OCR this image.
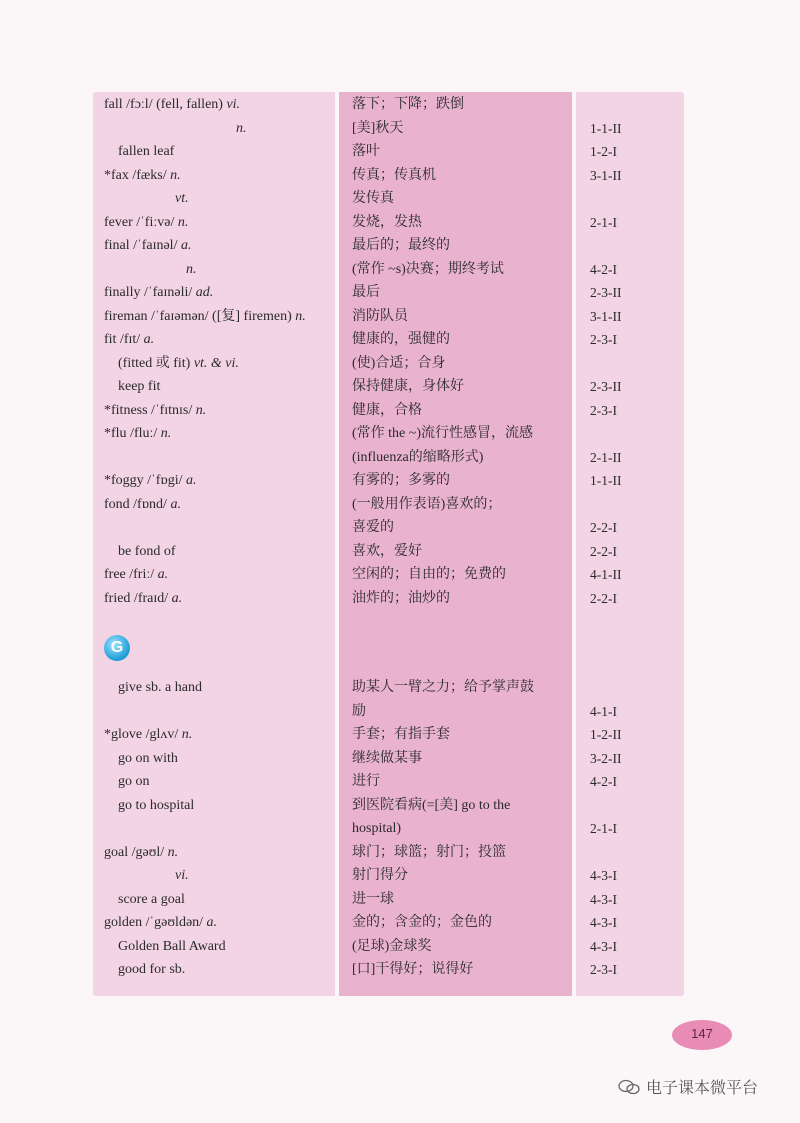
fall /fɔːl/ (fell, fallen) vi.	落下；下降；跌倒
n.	[美]秋天	1-1-II
fallen leaf	落叶	1-2-I
*fax /fæks/ n.	传真；传真机	3-1-II
vt.	发传真
fever /ˈfiːvə/ n.	发烧，发热	2-1-I
final /ˈfaɪnəl/ a.	最后的；最终的
n.	(常作 ~s)决赛；期终考试	4-2-I
finally /ˈfaɪnəli/ ad.	最后	2-3-II
fireman /ˈfaɪəmən/ ([复] firemen) n.	消防队员	3-1-II
fit /fɪt/ a.	健康的，强健的	2-3-I
(fitted 或 fit) vt. & vi.	(使)合适；合身
keep fit	保持健康，身体好	2-3-II
*fitness /ˈfɪtnɪs/ n.	健康，合格	2-3-I
*flu /fluː/ n.	(常作 the ~)流行性感冒，流感
(influenza的缩略形式)	2-1-II
*foggy /ˈfɒgi/ a.	有雾的；多雾的	1-1-II
fond /fɒnd/ a.	(一般用作表语)喜欢的；
喜爱的	2-2-I
be fond of	喜欢，爱好	2-2-I
free /friː/ a.	空闲的；自由的；免费的	4-1-II
fried /fraɪd/ a.	油炸的；油炒的	2-2-I
G
give sb. a hand	助某人一臂之力；给予掌声鼓
励	4-1-I
*glove /glʌv/ n.	手套；有指手套	1-2-II
go on with	继续做某事	3-2-II
go on	进行	4-2-I
go to hospital	到医院看病(=[美] go to the
hospital)	2-1-I
goal /gəʊl/ n.	球门；球篮；射门；投篮
vi.	射门得分	4-3-I
score a goal	进一球	4-3-I
golden /ˈgəʊldən/ a.	金的；含金的；金色的	4-3-I
Golden Ball Award	(足球)金球奖	4-3-I
good for sb.	[口]干得好；说得好	2-3-I
147
电子课本微平台
